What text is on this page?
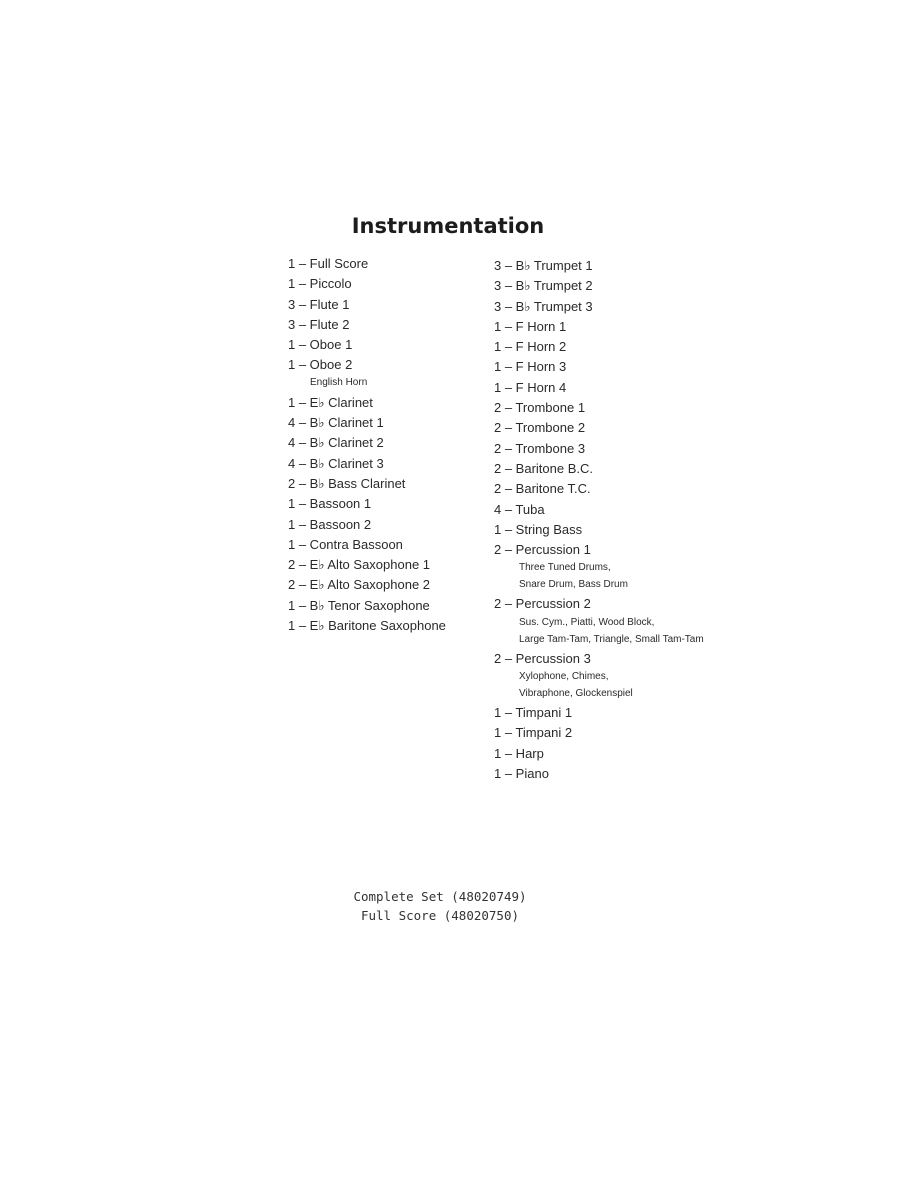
Instrumentation
1 – Full Score
1 – Piccolo
3 – Flute 1
3 – Flute 2
1 – Oboe 1
1 – Oboe 2
English Horn
1 – E♭ Clarinet
4 – B♭ Clarinet 1
4 – B♭ Clarinet 2
4 – B♭ Clarinet 3
2 – B♭ Bass Clarinet
1 – Bassoon 1
1 – Bassoon 2
1 – Contra Bassoon
2 – E♭ Alto Saxophone 1
2 – E♭ Alto Saxophone 2
1 – B♭ Tenor Saxophone
1 – E♭ Baritone Saxophone
3 – B♭ Trumpet 1
3 – B♭ Trumpet 2
3 – B♭ Trumpet 3
1 – F Horn 1
1 – F Horn 2
1 – F Horn 3
1 – F Horn 4
2 – Trombone 1
2 – Trombone 2
2 – Trombone 3
2 – Baritone B.C.
2 – Baritone T.C.
4 – Tuba
1 – String Bass
2 – Percussion 1
Three Tuned Drums,
Snare Drum, Bass Drum
2 – Percussion 2
Sus. Cym., Piatti, Wood Block,
Large Tam-Tam, Triangle, Small Tam-Tam
2 – Percussion 3
Xylophone, Chimes,
Vibraphone, Glockenspiel
1 – Timpani 1
1 – Timpani 2
1 – Harp
1 – Piano
Complete Set (48020749)
Full Score (48020750)
